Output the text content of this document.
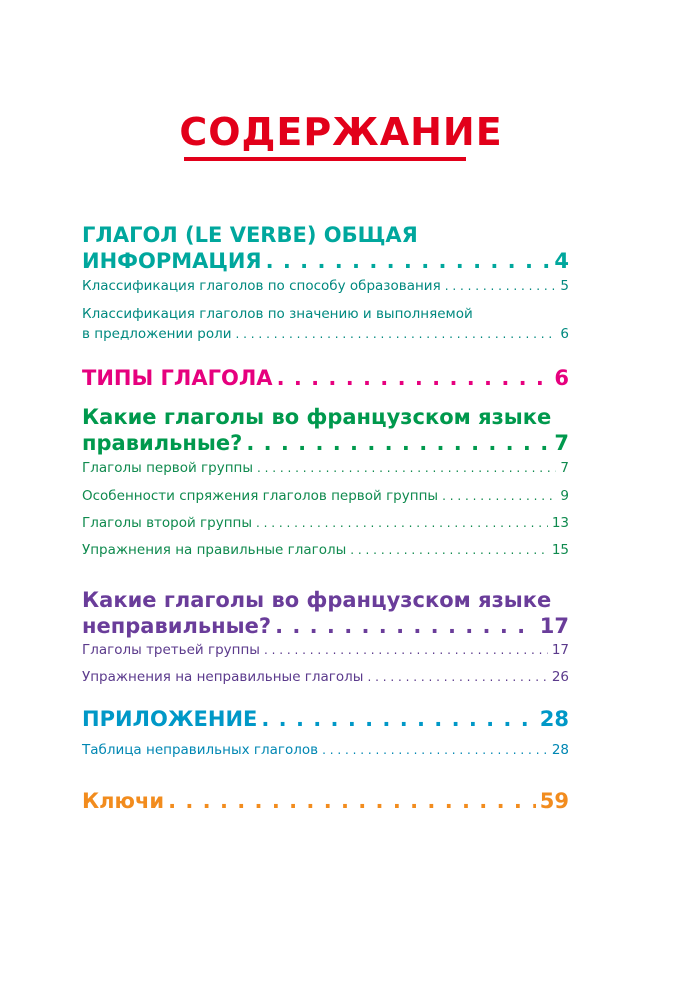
СОДЕРЖАНИЕ
ГЛАГОЛ (LE VERBE) ОБЩАЯ
ИНФОРМАЦИЯ . . .	4
Классификация глаголов по способу образования . . .	5
Классификация глаголов по значению и выполняемой
в предложении роли . . .	6
ТИПЫ ГЛАГОЛА . . .	6
Какие глаголы во французском языке
правильные? . . .	7
Глаголы первой группы . . .	7
Особенности спряжения глаголов первой группы . . .	9
Глаголы второй группы . . .	13
Упражнения на правильные глаголы . . .	15
Какие глаголы во французском языке
неправильные? . . .	17
Глаголы третьей группы . . .	17
Упражнения на неправильные глаголы . . .	26
ПРИЛОЖЕНИЕ . . .	28
Таблица неправильных глаголов . . .	28
Ключи . . .	59
